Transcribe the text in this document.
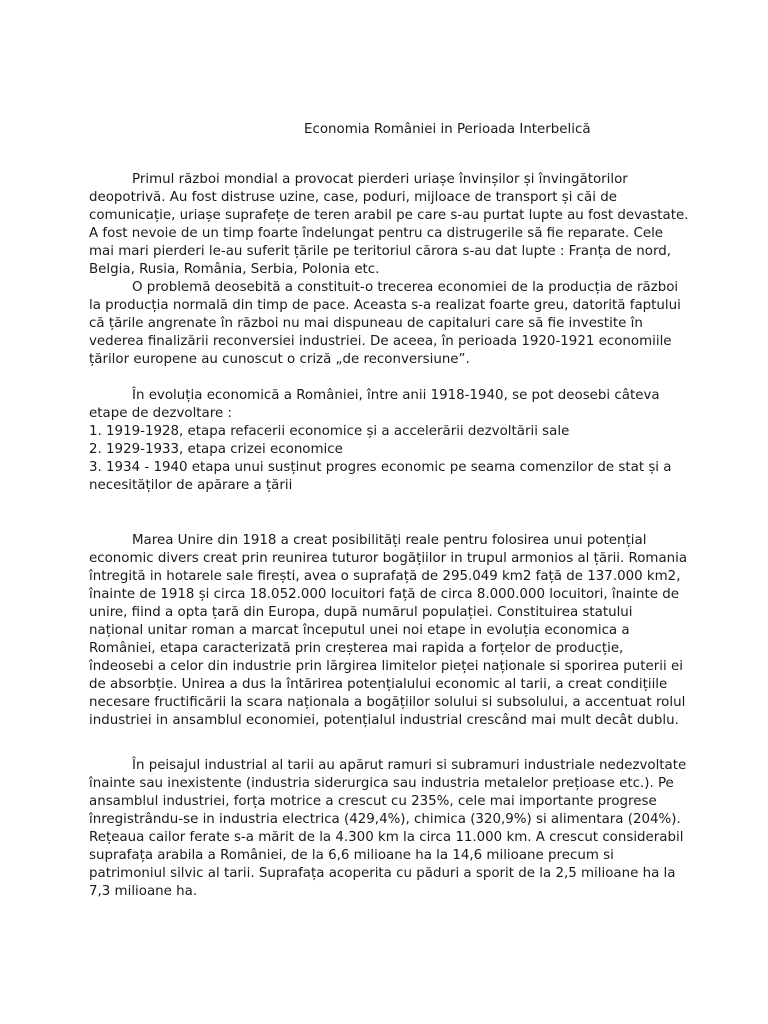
Economia României in Perioada Interbelică

Primul război mondial a provocat pierderi uriașe învinșilor și învingătorilor deopotrivă. Au fost distruse uzine, case, poduri, mijloace de transport și căi de comunicație, uriașe suprafețe de teren arabil pe care s-au purtat lupte au fost devastate. A fost nevoie de un timp foarte îndelungat pentru ca distrugerile să fie reparate. Cele mai mari pierderi le-au suferit țările pe teritoriul cărora s-au dat lupte : Franța de nord, Belgia, Rusia, România, Serbia, Polonia etc.

O problemă deosebită a constituit-o trecerea economiei de la producția de război la producția normală din timp de pace. Aceasta s-a realizat foarte greu, datorită faptului că țările angrenate în război nu mai dispuneau de capitaluri care să fie investite în vederea finalizării reconversiei industriei. De aceea, în perioada 1920-1921 economiile țărilor europene au cunoscut o criză „de reconversiune”.

În evoluția economică a României, între anii 1918-1940, se pot deosebi câteva etape de dezvoltare :

1. 1919-1928, etapa refacerii economice și a accelerării dezvoltării sale

2. 1929-1933, etapa crizei economice

3. 1934 - 1940 etapa unui susținut progres economic pe seama comenzilor de stat și a necesităților de apărare a țării

Marea Unire din 1918 a creat posibilități reale pentru folosirea unui potențial economic divers creat prin reunirea tuturor bogățiilor in trupul armonios al țării. Romania întregită in hotarele sale firești, avea o suprafață de 295.049 km2 față de 137.000 km2, înainte de 1918 și circa 18.052.000 locuitori față de circa 8.000.000 locuitori, înainte de unire, fiind a opta țară din Europa, după numărul populației. Constituirea statului național unitar roman a marcat începutul unei noi etape in evoluția economica a României, etapa caracterizată prin creșterea mai rapida a forțelor de producție, îndeosebi a celor din industrie prin lărgirea limitelor pieței naționale si sporirea puterii ei de absorbție. Unirea a dus la întărirea potențialului economic al tarii, a creat condițiile necesare fructificării la scara naționala a bogățiilor solului si subsolului, a accentuat rolul industriei in ansamblul economiei, potențialul industrial crescând mai mult decât dublu.

În peisajul industrial al tarii au apărut ramuri si subramuri industriale nedezvoltate înainte sau inexistente (industria siderurgica sau industria metalelor prețioase etc.). Pe ansamblul industriei, forța motrice a crescut cu 235%, cele mai importante progrese înregistrându-se in industria electrica (429,4%), chimica (320,9%) si alimentara (204%). Rețeaua cailor ferate s-a mărit de la 4.300 km la circa 11.000 km. A crescut considerabil suprafața arabila a României, de la 6,6 milioane ha la 14,6 milioane precum si patrimoniul silvic al tarii. Suprafața acoperita cu păduri a sporit de la 2,5 milioane ha la 7,3 milioane ha.
